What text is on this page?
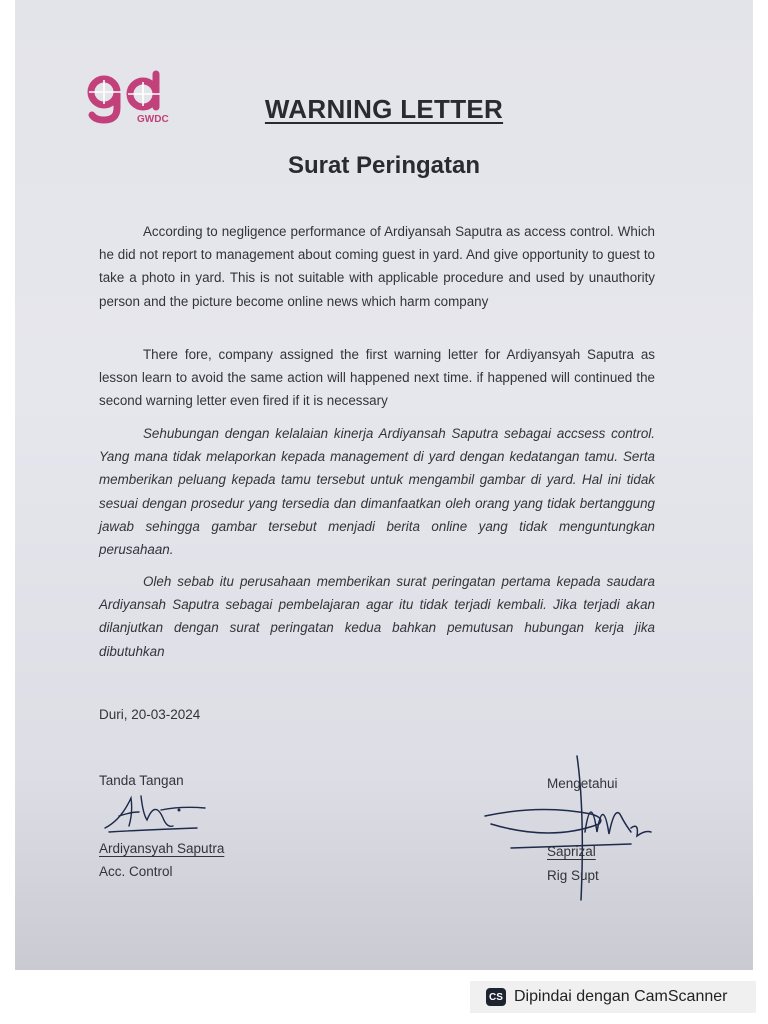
GWDC	WARNING LETTER
Surat Peringatan

According to negligence performance of Ardiyansah Saputra as access control. Which he did not report to management about coming guest in yard. And give opportunity to guest to take a photo in yard. This is not suitable with applicable procedure and used by unauthority person and the picture become online news which harm company

There fore, company assigned the first warning letter for Ardiyansyah Saputra as lesson learn to avoid the same action will happened next time. if happened will continued the second warning letter even fired if it is necessary

Sehubungan dengan kelalaian kinerja Ardiyansah Saputra sebagai accsess control. Yang mana tidak melaporkan kepada management di yard dengan kedatangan tamu. Serta memberikan peluang kepada tamu tersebut untuk mengambil gambar di yard. Hal ini tidak sesuai dengan prosedur yang tersedia dan dimanfaatkan oleh orang yang tidak bertanggung jawab sehingga gambar tersebut menjadi berita online yang tidak menguntungkan perusahaan.

Oleh sebab itu perusahaan memberikan surat peringatan pertama kepada saudara Ardiyansah Saputra sebagai pembelajaran agar itu tidak terjadi kembali. Jika terjadi akan dilanjutkan dengan surat peringatan kedua bahkan pemutusan hubungan kerja jika dibutuhkan

Duri, 20-03-2024
Tanda Tangan
Ardiyansyah Saputra
Acc. Control
Mengetahui
Saprizal
Rig Supt
CS Dipindai dengan CamScanner
